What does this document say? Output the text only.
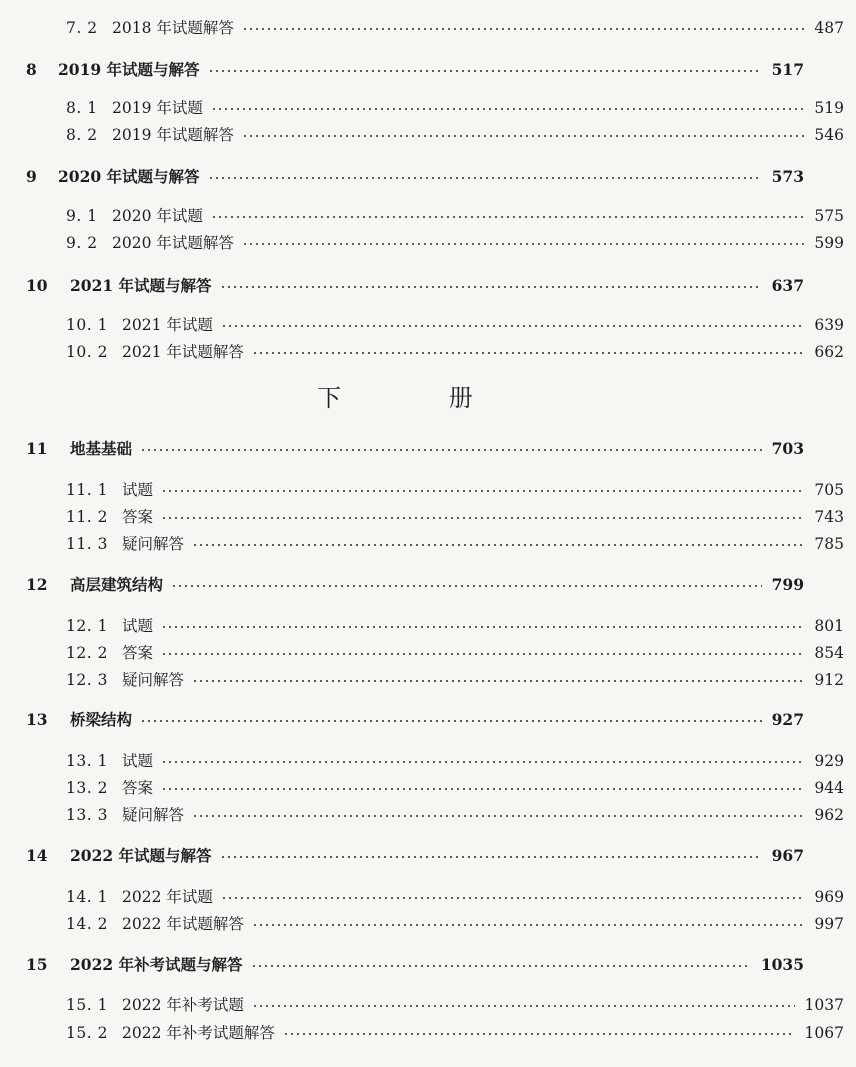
下 册
7. 2 2018 年试题解答	487
8	2019 年试题与解答	517
8. 1 2019 年试题	519
8. 2 2019 年试题解答	546
9	2020 年试题与解答	573
9. 1 2020 年试题	575
9. 2 2020 年试题解答	599
10	2021 年试题与解答	637
10. 1 2021 年试题	639
10. 2 2021 年试题解答	662
11	地基基础	703
11. 1 试题	705
11. 2 答案	743
11. 3 疑问解答	785
12	高层建筑结构	799
12. 1 试题	801
12. 2 答案	854
12. 3 疑问解答	912
13	桥梁结构	927
13. 1 试题	929
13. 2 答案	944
13. 3 疑问解答	962
14	2022 年试题与解答	967
14. 1 2022 年试题	969
14. 2 2022 年试题解答	997
15	2022 年补考试题与解答	1035
15. 1 2022 年补考试题	1037
15. 2 2022 年补考试题解答	1067
